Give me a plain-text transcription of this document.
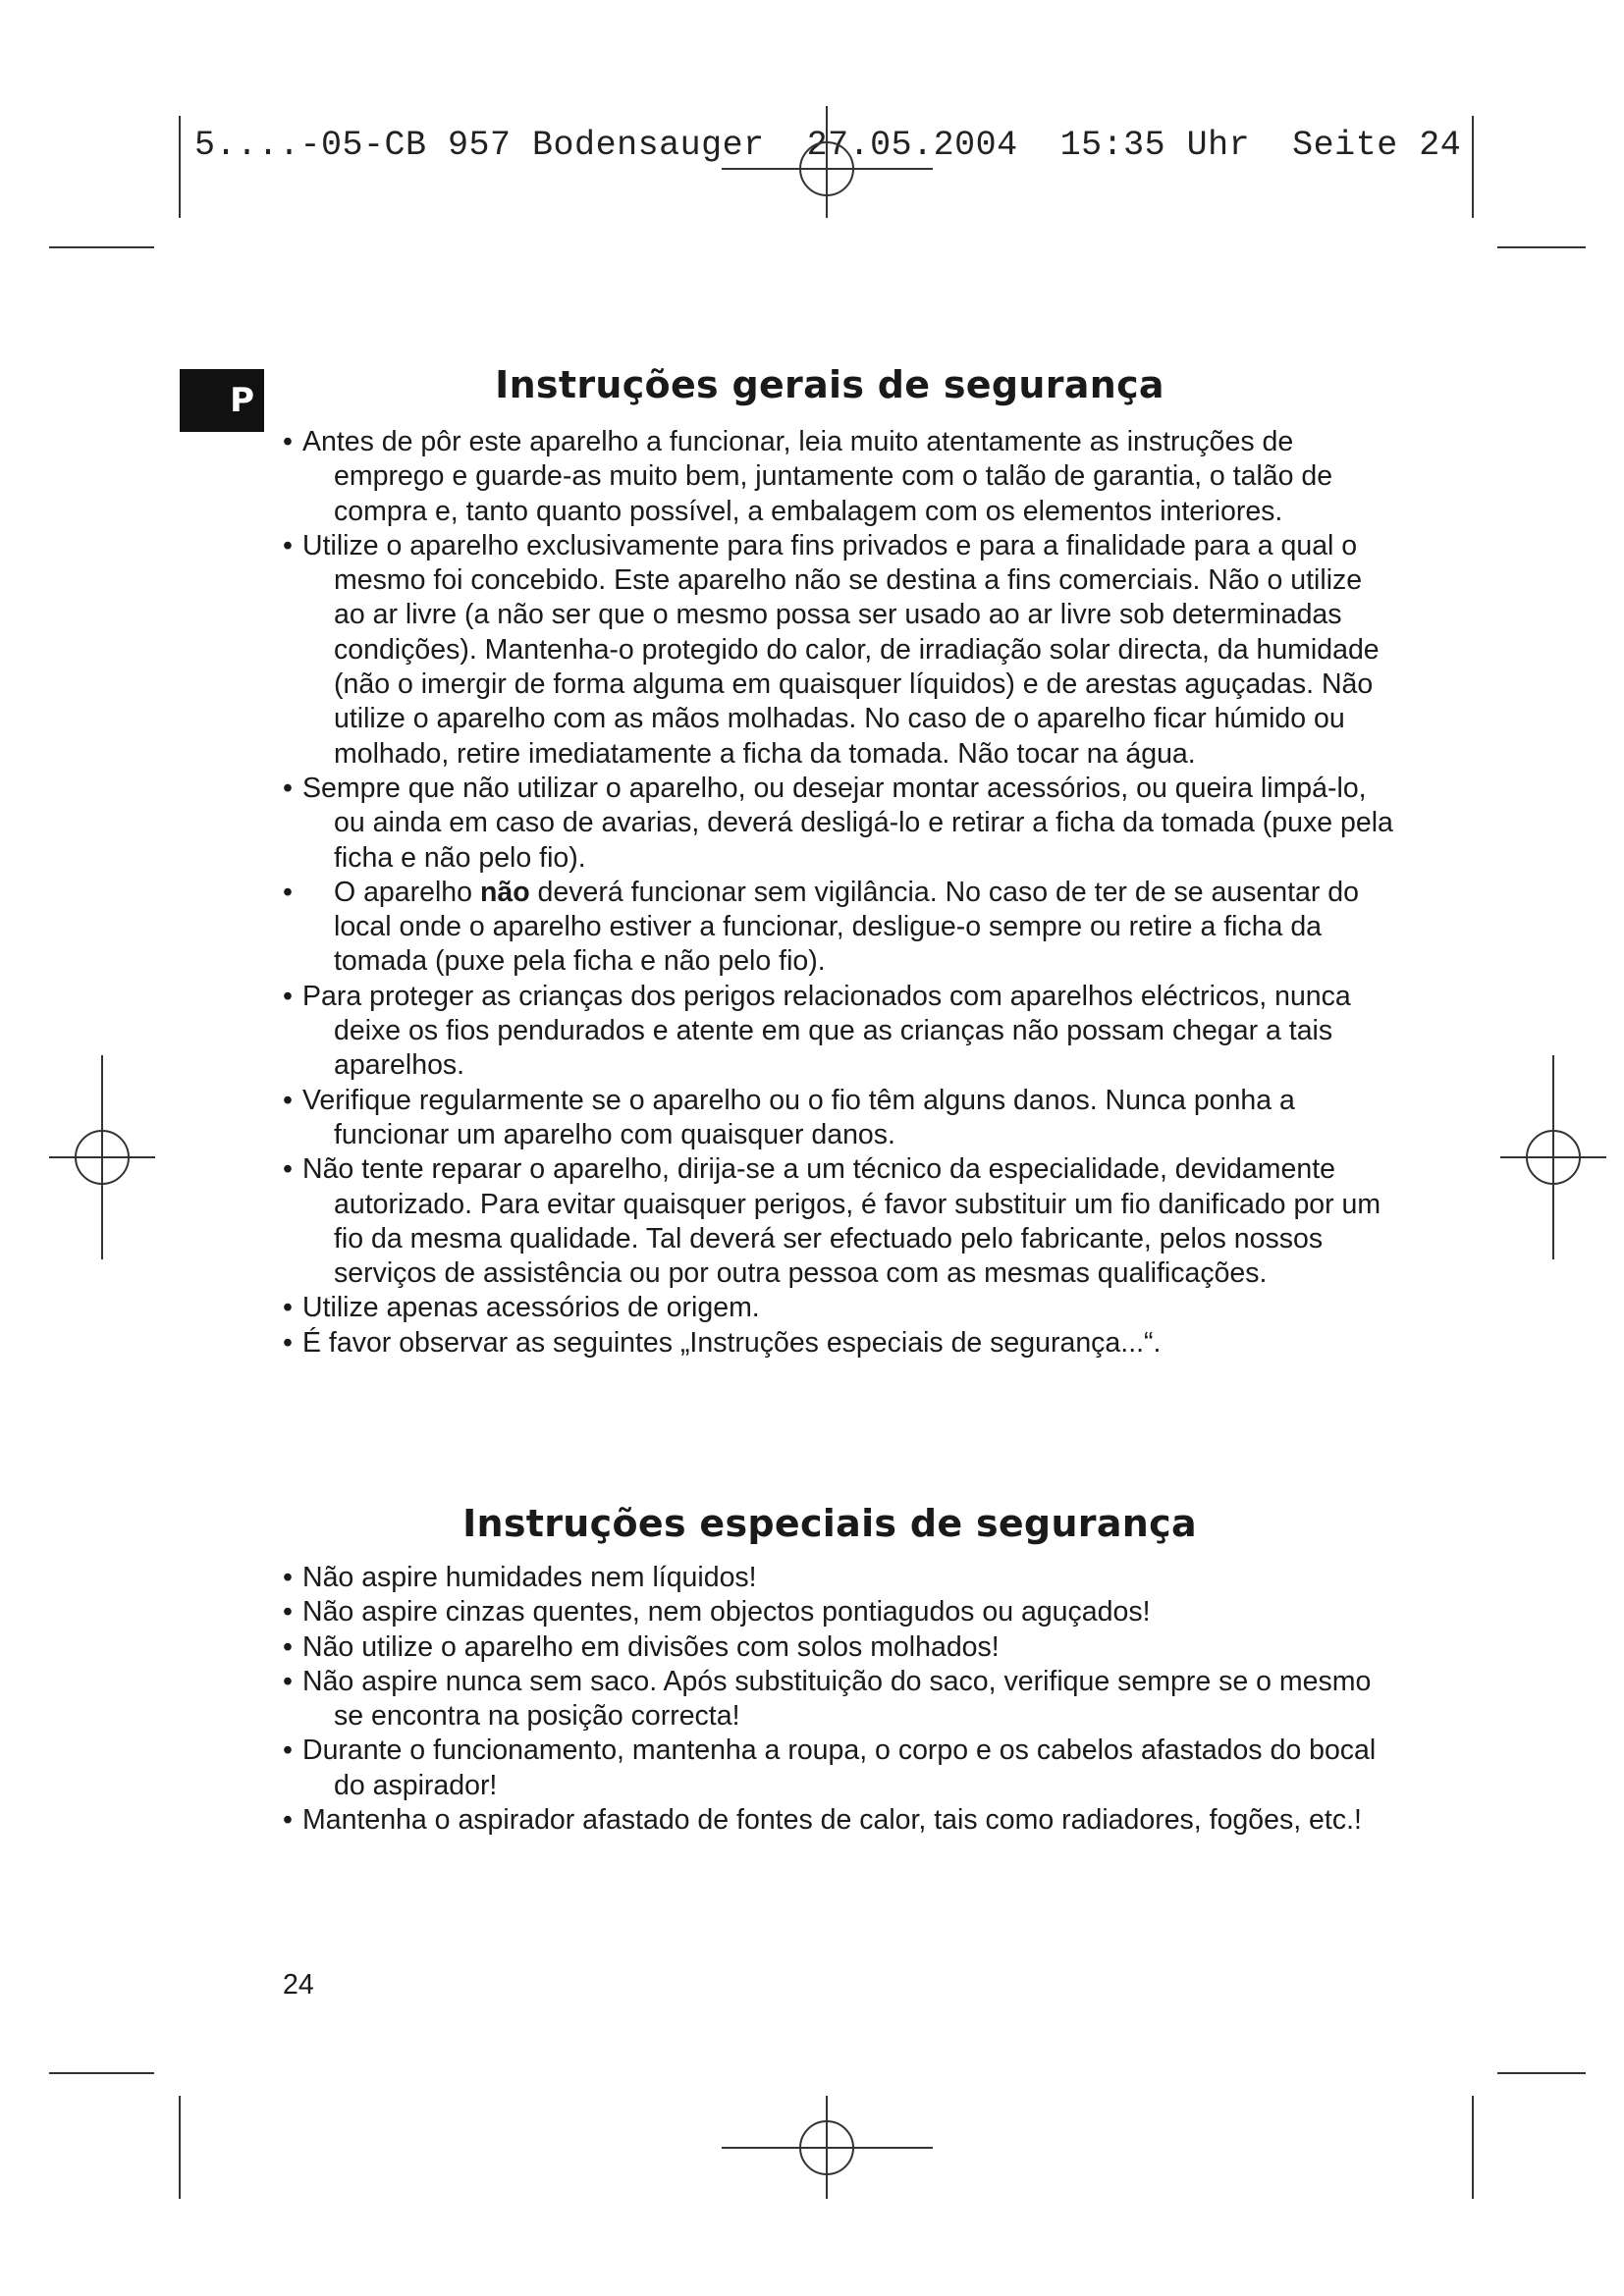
5....-05-CB 957 Bodensauger  27.05.2004  15:35 Uhr  Seite 24
P	Instruções gerais de segurança
• Antes de pôr este aparelho a funcionar, leia muito atentamente as instruções de emprego e guarde-as muito bem, juntamente com o talão de garantia, o talão de compra e, tanto quanto possível, a embalagem com os elementos interiores.
• Utilize o aparelho exclusivamente para fins privados e para a finalidade para a qual o mesmo foi concebido. Este aparelho não se destina a fins comerciais. Não o utilize ao ar livre (a não ser que o mesmo possa ser usado ao ar livre sob determinadas condições). Mantenha-o protegido do calor, de irradiação solar directa, da humidade (não o imergir de forma alguma em quaisquer líquidos) e de arestas aguçadas. Não utilize o aparelho com as mãos molhadas. No caso de o aparelho ficar húmido ou molhado, retire imediatamente a ficha da tomada. Não tocar na água.
• Sempre que não utilizar o aparelho, ou desejar montar acessórios, ou queira limpá-lo, ou ainda em caso de avarias, deverá desligá-lo e retirar a ficha da tomada (puxe pela ficha e não pelo fio).
• O aparelho não deverá funcionar sem vigilância. No caso de ter de se ausentar do local onde o aparelho estiver a funcionar, desligue-o sempre ou retire a ficha da tomada (puxe pela ficha e não pelo fio).
• Para proteger as crianças dos perigos relacionados com aparelhos eléctricos, nunca deixe os fios pendurados e atente em que as crianças não possam chegar a tais aparelhos.
• Verifique regularmente se o aparelho ou o fio têm alguns danos. Nunca ponha a funcionar um aparelho com quaisquer danos.
• Não tente reparar o aparelho, dirija-se a um técnico da especialidade, devidamente autorizado. Para evitar quaisquer perigos, é favor substituir um fio danificado por um fio da mesma qualidade. Tal deverá ser efectuado pelo fabricante, pelos nossos serviços de assistência ou por outra pessoa com as mesmas qualificações.
• Utilize apenas acessórios de origem.
• É favor observar as seguintes „Instruções especiais de segurança...“.
Instruções especiais de segurança
• Não aspire humidades nem líquidos!
• Não aspire cinzas quentes, nem objectos pontiagudos ou aguçados!
• Não utilize o aparelho em divisões com solos molhados!
• Não aspire nunca sem saco. Após substituição do saco, verifique sempre se o mesmo se encontra na posição correcta!
• Durante o funcionamento, mantenha a roupa, o corpo e os cabelos afastados do bocal do aspirador!
• Mantenha o aspirador afastado de fontes de calor, tais como radiadores, fogões, etc.!
24
